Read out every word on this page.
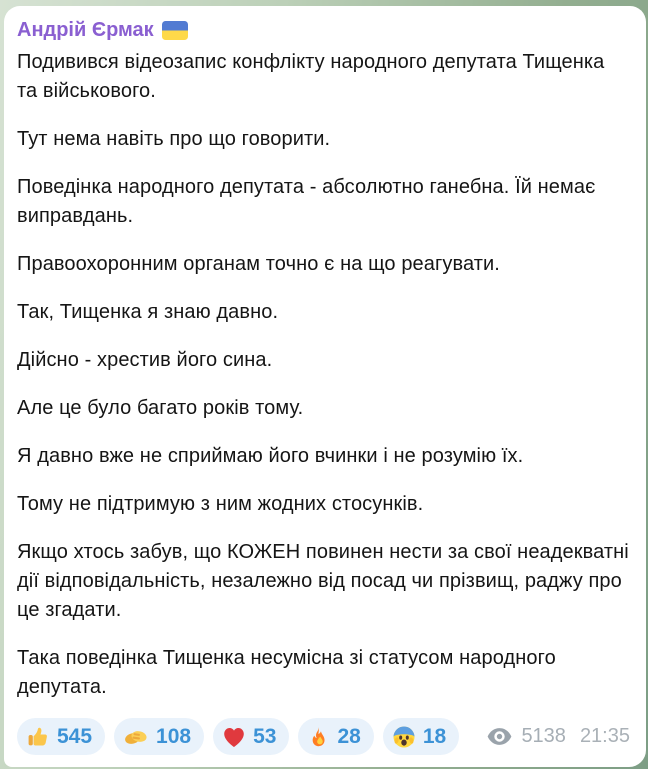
Андрій Єрмак

Подивився відеозапис конфлікту народного депутата Тищенка та військового.

Тут нема навіть про що говорити.

Поведінка народного депутата - абсолютно ганебна. Їй немає виправдань.

Правоохоронним органам точно є на що реагувати.

Так, Тищенка я знаю давно.

Дійсно - хрестив його сина.

Але це було багато років тому.

Я давно вже не сприймаю його вчинки і не розумію їх.

Тому не підтримую з ним жодних стосунків.

Якщо хтось забув, що КОЖЕН повинен нести за свої неадекватні дії відповідальність, незалежно від посад чи прізвищ, раджу про це згадати.

Така поведінка Тищенка несумісна зі статусом народного депутата.

545	108	53	28	18	5138 21:35
